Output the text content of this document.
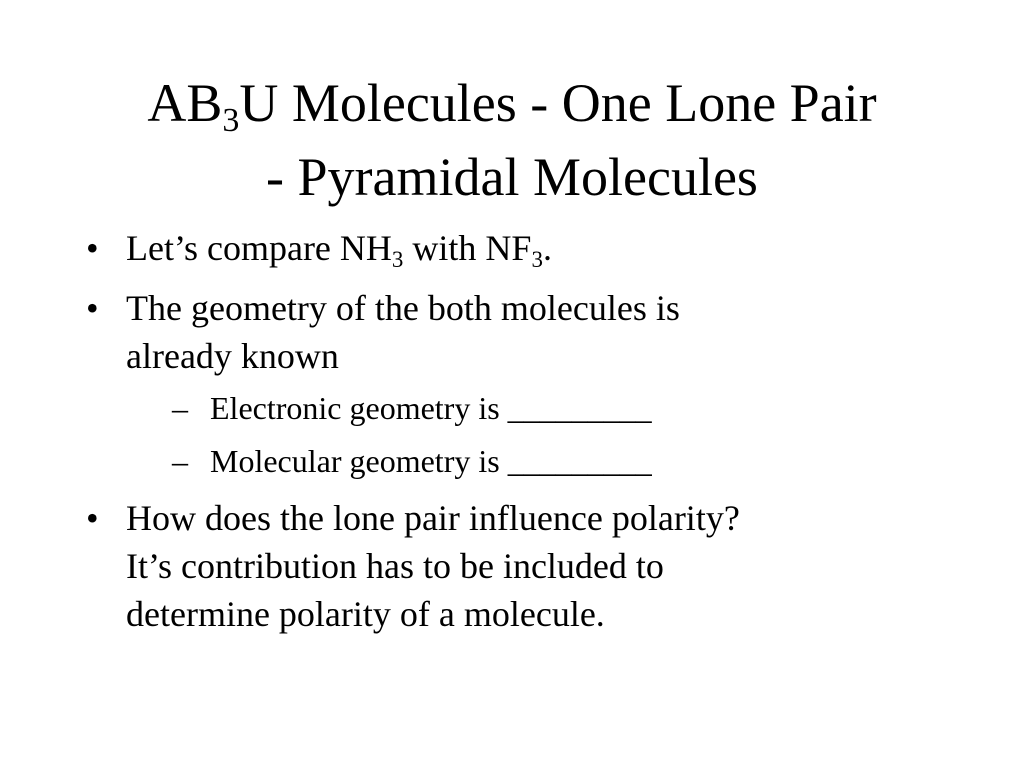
$AB_3U$ Molecules - One Lone Pair
- Pyramidal Molecules
• Let’s compare $NH_3$ with $NF_3$.
• The geometry of the both molecules is
already known
– Electronic geometry is _________
– Molecular geometry is _________
• How does the lone pair influence polarity?
It’s contribution has to be included to
determine polarity of a molecule.
